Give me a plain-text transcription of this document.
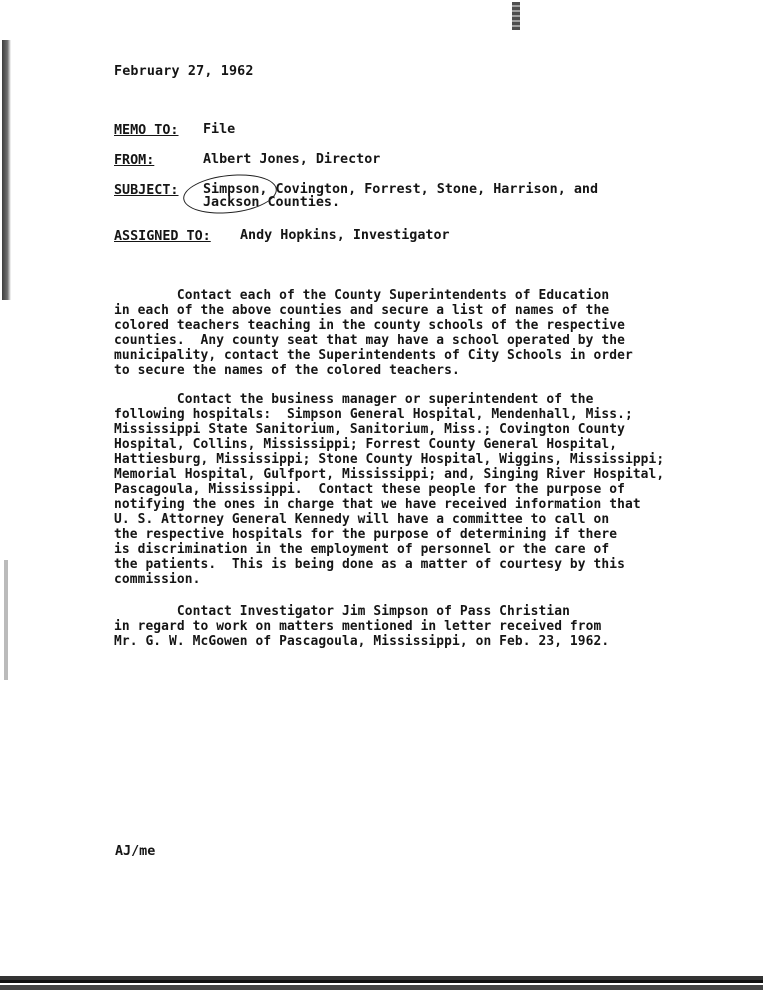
February 27, 1962
MEMO TO: File
FROM:	Albert Jones, Director
SUBJECT: Simpson, Covington, Forrest, Stone, Harrison, and
Jackson Counties.
ASSIGNED TO: Andy Hopkins, Investigator
Contact each of the County Superintendents of Education
in each of the above counties and secure a list of names of the
colored teachers teaching in the county schools of the respective
counties.  Any county seat that may have a school operated by the
municipality, contact the Superintendents of City Schools in order
to secure the names of the colored teachers.
Contact the business manager or superintendent of the
following hospitals:  Simpson General Hospital, Mendenhall, Miss.;
Mississippi State Sanitorium, Sanitorium, Miss.; Covington County
Hospital, Collins, Mississippi; Forrest County General Hospital,
Hattiesburg, Mississippi; Stone County Hospital, Wiggins, Mississippi;
Memorial Hospital, Gulfport, Mississippi; and, Singing River Hospital,
Pascagoula, Mississippi.  Contact these people for the purpose of
notifying the ones in charge that we have received information that
U. S. Attorney General Kennedy will have a committee to call on
the respective hospitals for the purpose of determining if there
is discrimination in the employment of personnel or the care of
the patients.  This is being done as a matter of courtesy by this
commission.
Contact Investigator Jim Simpson of Pass Christian
in regard to work on matters mentioned in letter received from
Mr. G. W. McGowen of Pascagoula, Mississippi, on Feb. 23, 1962.
AJ/me
